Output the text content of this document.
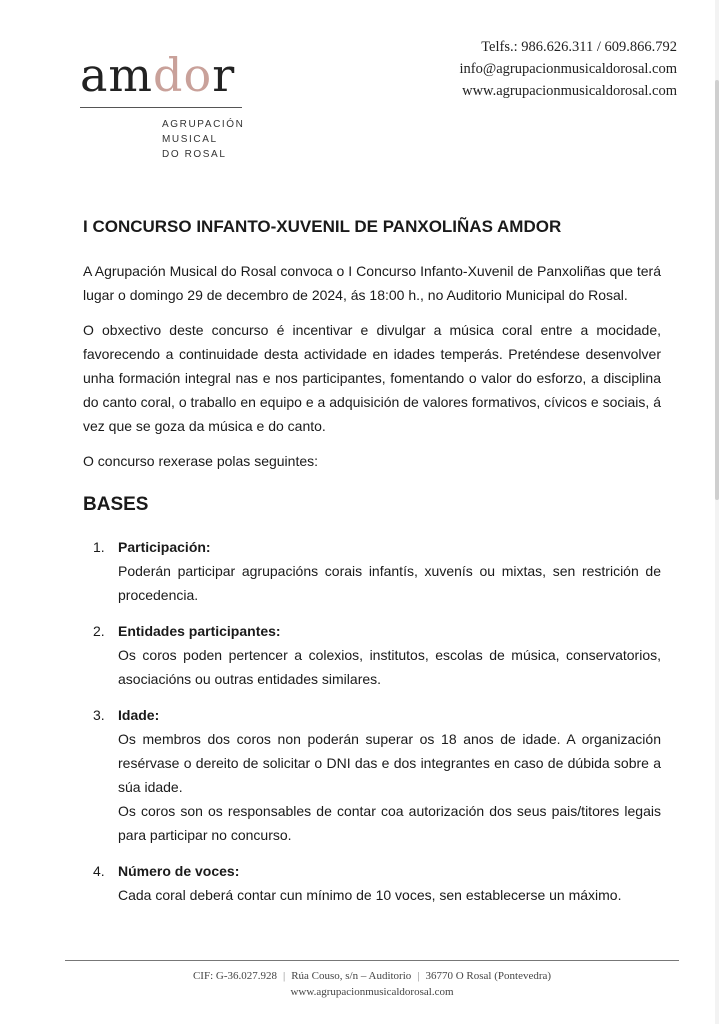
amdor
AGRUPACIÓN
MUSICAL
DO ROSAL
Telfs.: 986.626.311 / 609.866.792
info@agrupacionmusicaldorosal.com
www.agrupacionmusicaldorosal.com
I CONCURSO INFANTO-XUVENIL DE PANXOLIÑAS AMDOR

A Agrupación Musical do Rosal convoca o I Concurso Infanto-Xuvenil de Panxoliñas que terá lugar o domingo 29 de decembro de 2024, ás 18:00 h., no Auditorio Municipal do Rosal.

O obxectivo deste concurso é incentivar e divulgar a música coral entre a mocidade, favorecendo a continuidade desta actividade en idades temperás. Preténdese desenvolver unha formación integral nas e nos participantes, fomentando o valor do esforzo, a disciplina do canto coral, o traballo en equipo e a adquisición de valores formativos, cívicos e sociais, á vez que se goza da música e do canto.

O concurso rexerase polas seguintes:

BASES
1. Participación:
Poderán participar agrupacións corais infantís, xuvenís ou mixtas, sen restrición de procedencia.
2. Entidades participantes:
Os coros poden pertencer a colexios, institutos, escolas de música, conservatorios, asociacións ou outras entidades similares.
3. Idade:
Os membros dos coros non poderán superar os 18 anos de idade. A organización resérvase o dereito de solicitar o DNI das e dos integrantes en caso de dúbida sobre a súa idade.
Os coros son os responsables de contar coa autorización dos seus pais/titores legais para participar no concurso.
4. Número de voces:
Cada coral deberá contar cun mínimo de 10 voces, sen establecerse un máximo.
CIF: G-36.027.928 | Rúa Couso, s/n – Auditorio | 36770 O Rosal (Pontevedra)
www.agrupacionmusicaldorosal.com
